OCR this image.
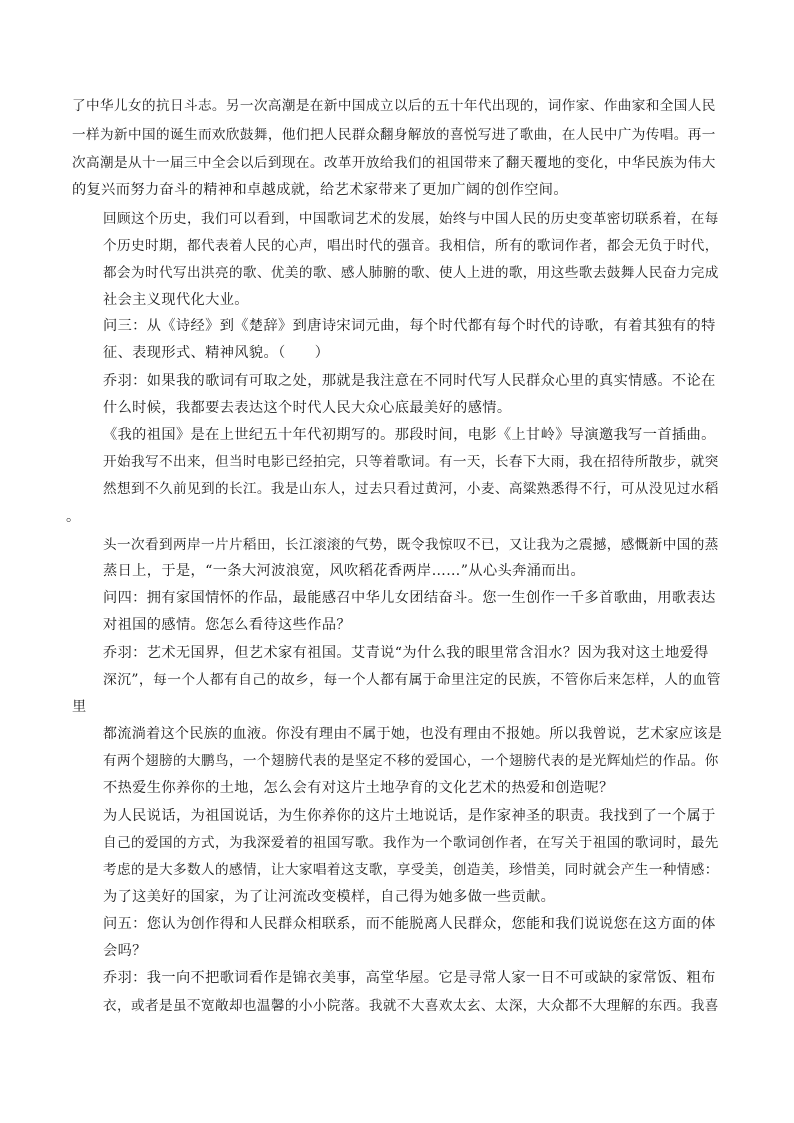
了中华儿女的抗日斗志。另一次高潮是在新中国成立以后的五十年代出现的，词作家、作曲家和全国人民
一样为新中国的诞生而欢欣鼓舞，他们把人民群众翻身解放的喜悦写进了歌曲，在人民中广为传唱。再一
次高潮是从十一届三中全会以后到现在。改革开放给我们的祖国带来了翻天覆地的变化，中华民族为伟大
的复兴而努力奋斗的精神和卓越成就，给艺术家带来了更加广阔的创作空间。
回顾这个历史，我们可以看到，中国歌词艺术的发展，始终与中国人民的历史变革密切联系着，在每
个历史时期，都代表着人民的心声，唱出时代的强音。我相信，所有的歌词作者，都会无负于时代，
都会为时代写出洪亮的歌、优美的歌、感人肺腑的歌、使人上进的歌，用这些歌去鼓舞人民奋力完成
社会主义现代化大业。
问三：从《诗经》到《楚辞》到唐诗宋词元曲，每个时代都有每个时代的诗歌，有着其独有的特
征、表现形式、精神风貌。（　　）
乔羽：如果我的歌词有可取之处，那就是我注意在不同时代写人民群众心里的真实情感。不论在
什么时候，我都要去表达这个时代人民大众心底最美好的感情。
《我的祖国》是在上世纪五十年代初期写的。那段时间，电影《上甘岭》导演邀我写一首插曲。
开始我写不出来，但当时电影已经拍完，只等着歌词。有一天，长春下大雨，我在招待所散步，就突
然想到不久前见到的长江。我是山东人，过去只看过黄河，小麦、高粱熟悉得不行，可从没见过水稻
。
头一次看到两岸一片片稻田，长江滚滚的气势，既令我惊叹不已，又让我为之震撼，感慨新中国的蒸
蒸日上，于是，“一条大河波浪宽，风吹稻花香两岸……”从心头奔涌而出。
问四：拥有家国情怀的作品，最能感召中华儿女团结奋斗。您一生创作一千多首歌曲，用歌表达
对祖国的感情。您怎么看待这些作品？
乔羽：艺术无国界，但艺术家有祖国。艾青说“为什么我的眼里常含泪水？因为我对这土地爱得
深沉”，每一个人都有自己的故乡，每一个人都有属于命里注定的民族，不管你后来怎样，人的血管
里
都流淌着这个民族的血液。你没有理由不属于她，也没有理由不报她。所以我曾说，艺术家应该是
有两个翅膀的大鹏鸟，一个翅膀代表的是坚定不移的爱国心，一个翅膀代表的是光辉灿烂的作品。你
不热爱生你养你的土地，怎么会有对这片土地孕育的文化艺术的热爱和创造呢？
为人民说话，为祖国说话，为生你养你的这片土地说话，是作家神圣的职责。我找到了一个属于
自己的爱国的方式，为我深爱着的祖国写歌。我作为一个歌词创作者，在写关于祖国的歌词时，最先
考虑的是大多数人的感情，让大家唱着这支歌，享受美，创造美，珍惜美，同时就会产生一种情感：
为了这美好的国家，为了让河流改变模样，自己得为她多做一些贡献。
问五：您认为创作得和人民群众相联系，而不能脱离人民群众，您能和我们说说您在这方面的体
会吗？
乔羽：我一向不把歌词看作是锦衣美事，高堂华屋。它是寻常人家一日不可或缺的家常饭、粗布
衣，或者是虽不宽敞却也温馨的小小院落。我就不大喜欢太玄、太深，大众都不大理解的东西。我喜
